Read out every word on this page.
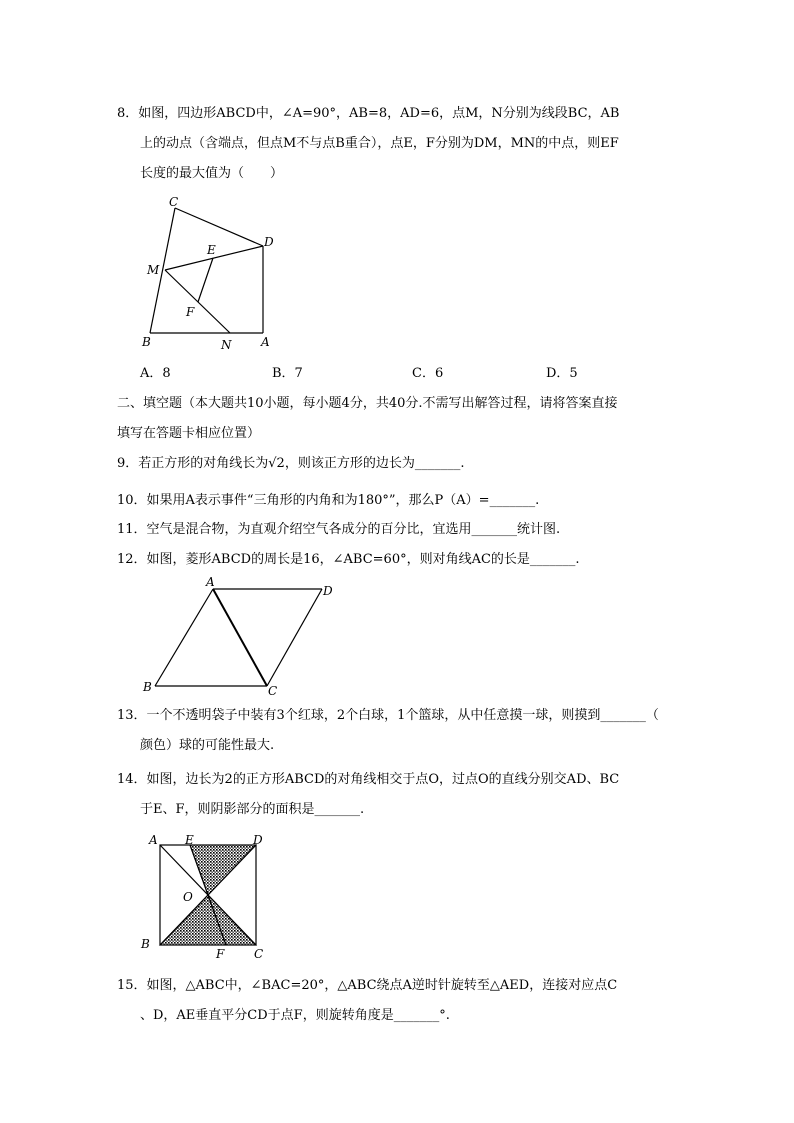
8．如图，四边形ABCD中，∠A=90°，AB=8，AD=6，点M，N分别为线段BC，AB
上的动点（含端点，但点M不与点B重合），点E，F分别为DM，MN的中点，则EF
长度的最大值为（　　）
C
D
E
M
F
B	N A
A．8	B．7	C．6	D．5
二、填空题（本大题共10小题，每小题4分，共40分.不需写出解答过程，请将答案直接
填写在答题卡相应位置）
9．若正方形的对角线长为√2，则该正方形的边长为_______.
10．如果用A表示事件“三角形的内角和为180°”，那么P（A）=_______.
11．空气是混合物，为直观介绍空气各成分的百分比，宜选用_______统计图.
12．如图，菱形ABCD的周长是16，∠ABC=60°，则对角线AC的长是_______.
A
D
B	C
13．一个不透明袋子中装有3个红球，2个白球，1个篮球，从中任意摸一球，则摸到_______（
颜色）球的可能性最大.
14．如图，边长为2的正方形ABCD的对角线相交于点O，过点O的直线分别交AD、BC
于E、F，则阴影部分的面积是_______.
A E	D
O
B
F C
15．如图，△ABC中，∠BAC=20°，△ABC绕点A逆时针旋转至△AED，连接对应点C
、D，AE垂直平分CD于点F，则旋转角度是_______°.
